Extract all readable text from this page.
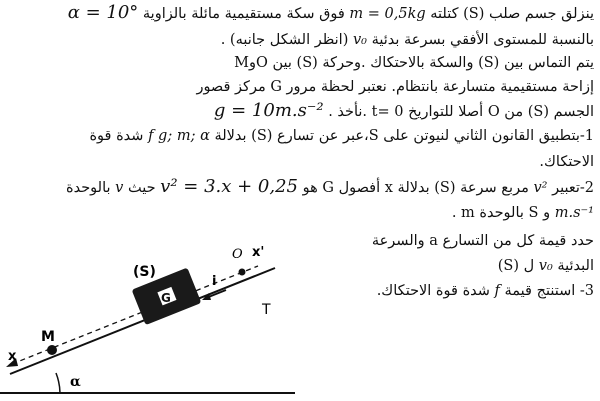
ينزلق جسم صلب (S) كتلته m = 0,5kg فوق سكة مستقيمية مائلة بالزاوية α = 10°
بالنسبة للمستوى الأفقي بسرعة بدئية v₀ (انظر الشكل جانبه) .
يتم التماس بين (S) والسكة بالاحتكاك .وحركة (S) بين OوM
إزاحة مستقيمية متسارعة بانتظام. نعتبر لحظة مرور G مركز قصور
الجسم (S) من O أصلا للتواريخ t= 0 .نأخذ . g = 10m.s⁻²
1-بتطبيق القانون الثاني لنيوتن على S،عبر عن تسارع (S) بدلالة g; m; α f شدة قوة
الاحتكاك.
2-تعبير v² مربع سرعة (S) بدلالة x أفصول G هو v² = 3.x + 0,25 حيث v بالوحدة
m.s⁻¹ و S بالوحدة m .
حدد قيمة كل من التسارع a والسرعة
البدئية v₀ ل (S)
3- استنتج قيمة f شدة قوة الاحتكاك.
(S)
G
i
O x'
T
M
x
α
